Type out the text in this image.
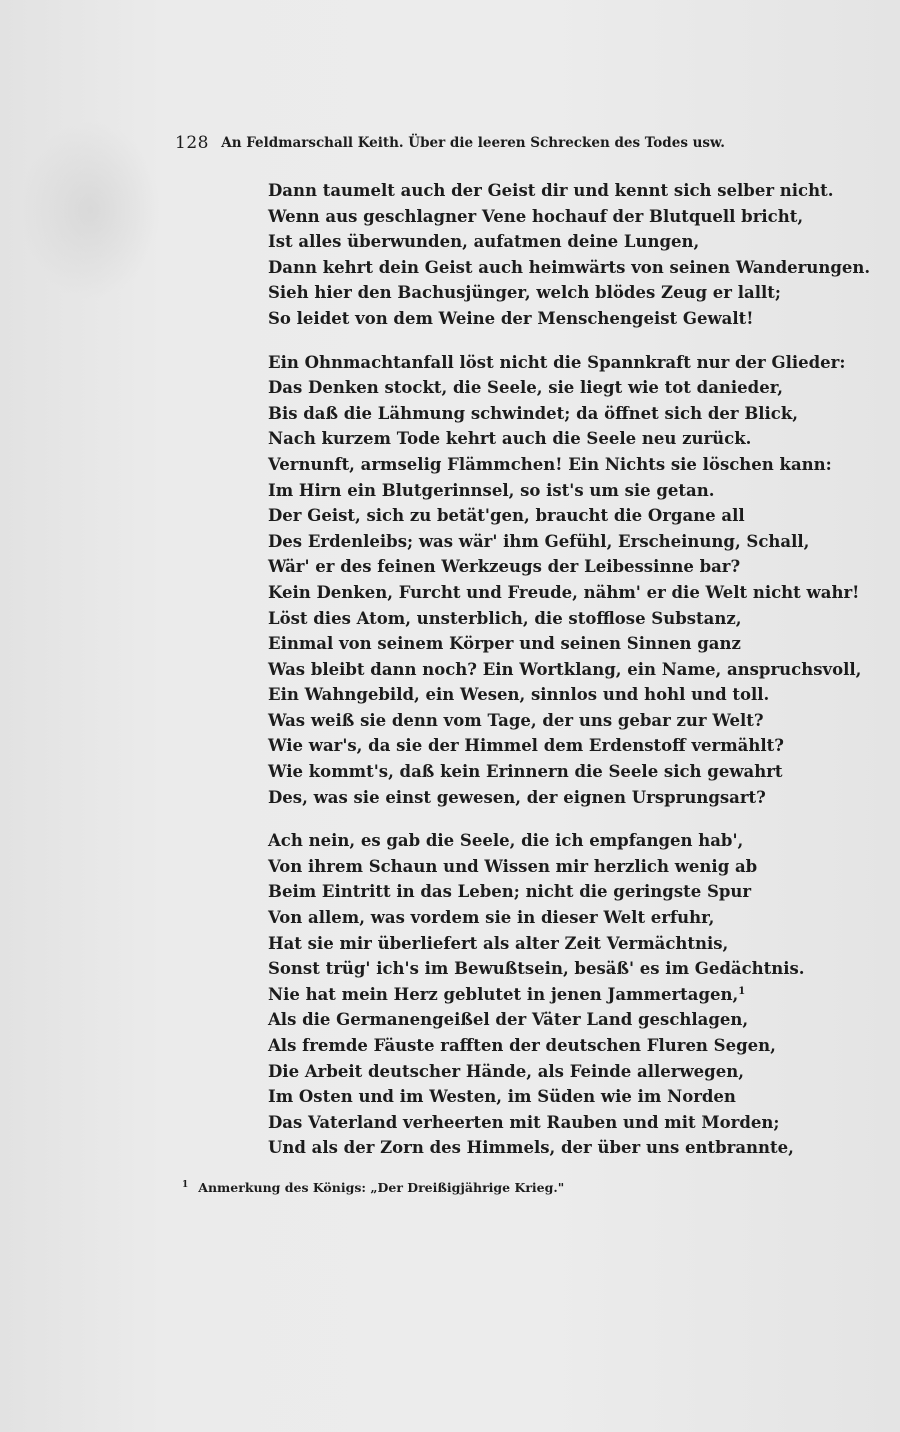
128 An Feldmarschall Keith. Über die leeren Schrecken des Todes usw.
Dann taumelt auch der Geist dir und kennt sich selber nicht.
Wenn aus geschlagner Vene hochauf der Blutquell bricht,
Ist alles überwunden, aufatmen deine Lungen,
Dann kehrt dein Geist auch heimwärts von seinen Wanderungen.
Sieh hier den Bachusjünger, welch blödes Zeug er lallt;
So leidet von dem Weine der Menschengeist Gewalt!
Ein Ohnmachtanfall löst nicht die Spannkraft nur der Glieder:
Das Denken stockt, die Seele, sie liegt wie tot danieder,
Bis daß die Lähmung schwindet; da öffnet sich der Blick,
Nach kurzem Tode kehrt auch die Seele neu zurück.
Vernunft, armselig Flämmchen! Ein Nichts sie löschen kann:
Im Hirn ein Blutgerinnsel, so ist's um sie getan.
Der Geist, sich zu betät'gen, braucht die Organe all
Des Erdenleibs; was wär' ihm Gefühl, Erscheinung, Schall,
Wär' er des feinen Werkzeugs der Leibessinne bar?
Kein Denken, Furcht und Freude, nähm' er die Welt nicht wahr!
Löst dies Atom, unsterblich, die stofflose Substanz,
Einmal von seinem Körper und seinen Sinnen ganz
Was bleibt dann noch? Ein Wortklang, ein Name, anspruchsvoll,
Ein Wahngebild, ein Wesen, sinnlos und hohl und toll.
Was weiß sie denn vom Tage, der uns gebar zur Welt?
Wie war's, da sie der Himmel dem Erdenstoff vermählt?
Wie kommt's, daß kein Erinnern die Seele sich gewahrt
Des, was sie einst gewesen, der eignen Ursprungsart?
Ach nein, es gab die Seele, die ich empfangen hab',
Von ihrem Schaun und Wissen mir herzlich wenig ab
Beim Eintritt in das Leben; nicht die geringste Spur
Von allem, was vordem sie in dieser Welt erfuhr,
Hat sie mir überliefert als alter Zeit Vermächtnis,
Sonst trüg' ich's im Bewußtsein, besäß' es im Gedächtnis.
Nie hat mein Herz geblutet in jenen Jammertagen,$^1$
Als die Germanengeißel der Väter Land geschlagen,
Als fremde Fäuste rafften der deutschen Fluren Segen,
Die Arbeit deutscher Hände, als Feinde allerwegen,
Im Osten und im Westen, im Süden wie im Norden
Das Vaterland verheerten mit Rauben und mit Morden;
Und als der Zorn des Himmels, der über uns entbrannte,
$^1$ Anmerkung des Königs: „Der Dreißigjährige Krieg."
